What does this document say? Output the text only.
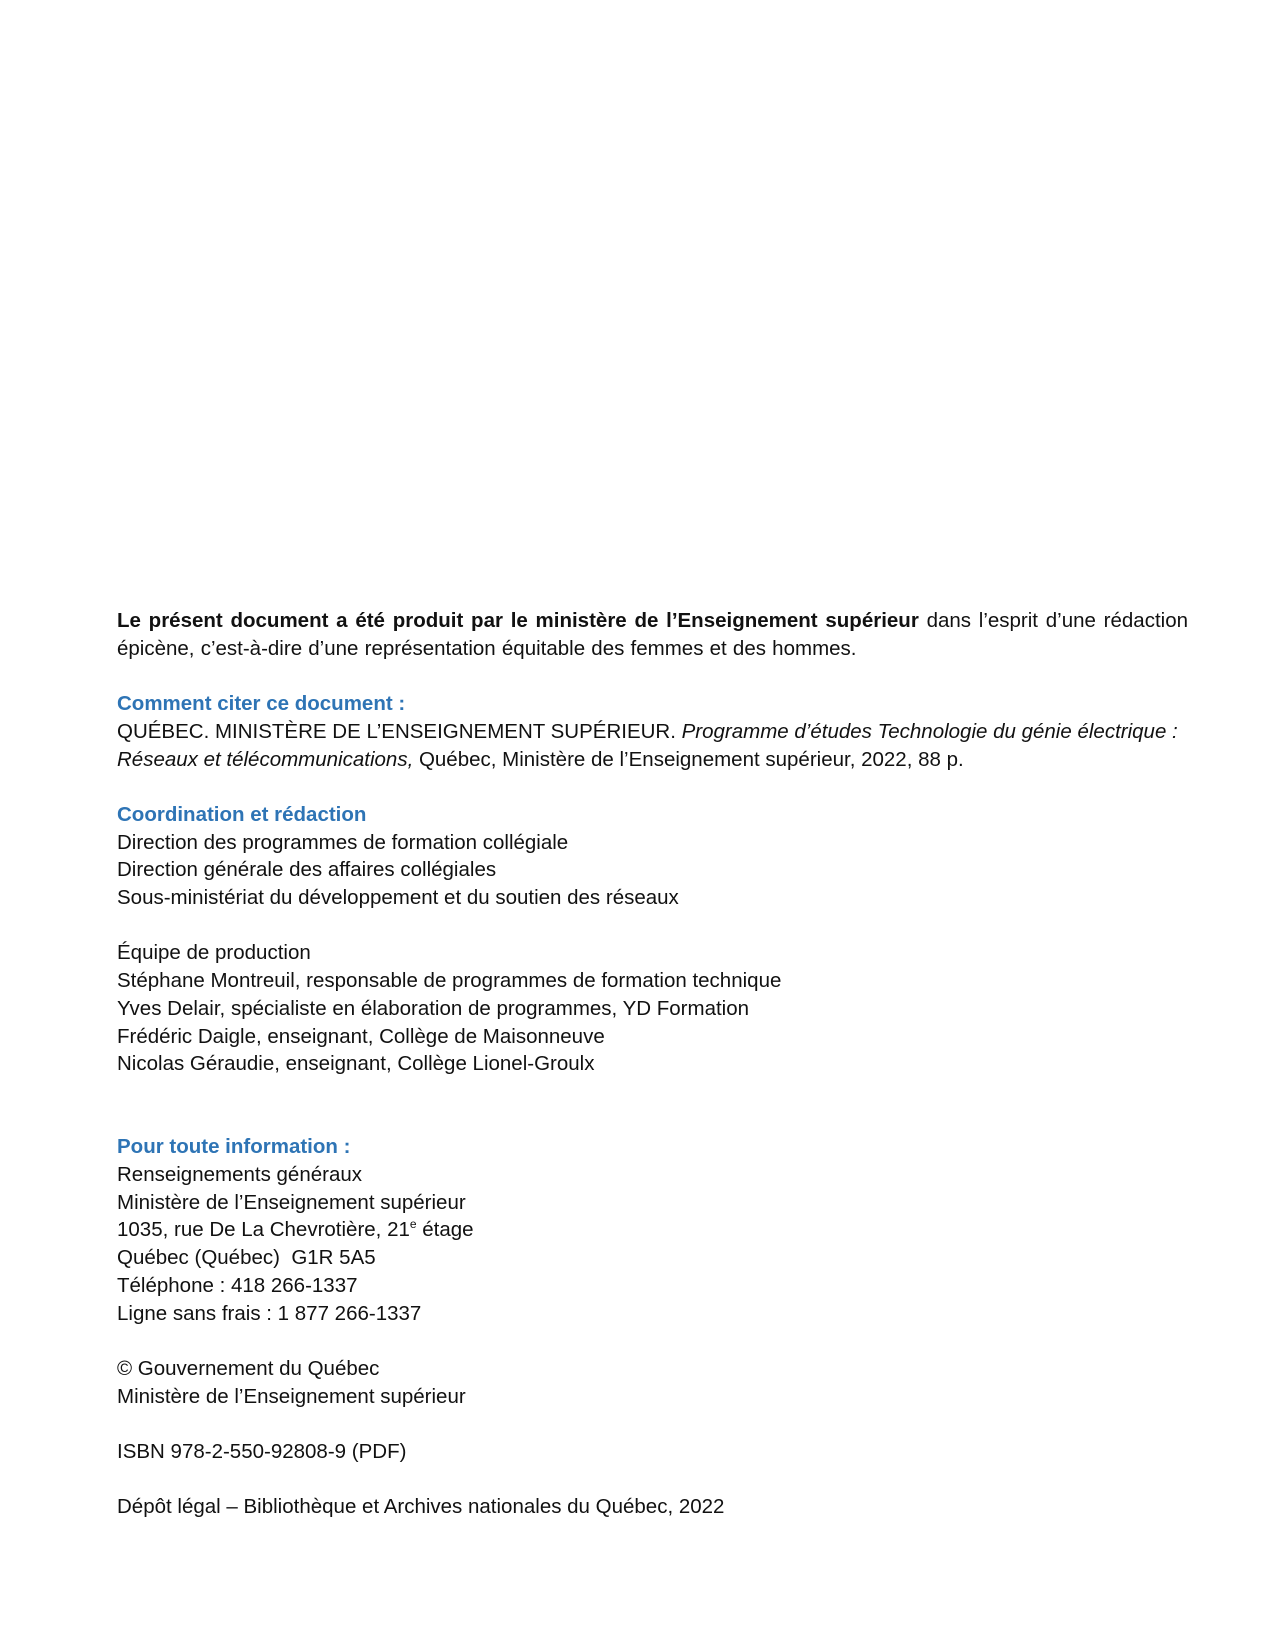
Le présent document a été produit par le ministère de l’Enseignement supérieur dans l’esprit d’une rédaction épicène, c’est-à-dire d’une représentation équitable des femmes et des hommes.

Comment citer ce document :
QUÉBEC. MINISTÈRE DE L’ENSEIGNEMENT SUPÉRIEUR. Programme d’études Technologie du génie électrique : Réseaux et télécommunications, Québec, Ministère de l’Enseignement supérieur, 2022, 88 p.
Coordination et rédaction
Direction des programmes de formation collégiale
Direction générale des affaires collégiales
Sous-ministériat du développement et du soutien des réseaux
Équipe de production
Stéphane Montreuil, responsable de programmes de formation technique
Yves Delair, spécialiste en élaboration de programmes, YD Formation
Frédéric Daigle, enseignant, Collège de Maisonneuve
Nicolas Géraudie, enseignant, Collège Lionel-Groulx
Pour toute information :
Renseignements généraux
Ministère de l’Enseignement supérieur
1035, rue De La Chevrotière, 21e étage
Québec (Québec)  G1R 5A5
Téléphone : 418 266-1337
Ligne sans frais : 1 877 266-1337
© Gouvernement du Québec
Ministère de l’Enseignement supérieur
ISBN 978-2-550-92808-9 (PDF)
Dépôt légal – Bibliothèque et Archives nationales du Québec, 2022
